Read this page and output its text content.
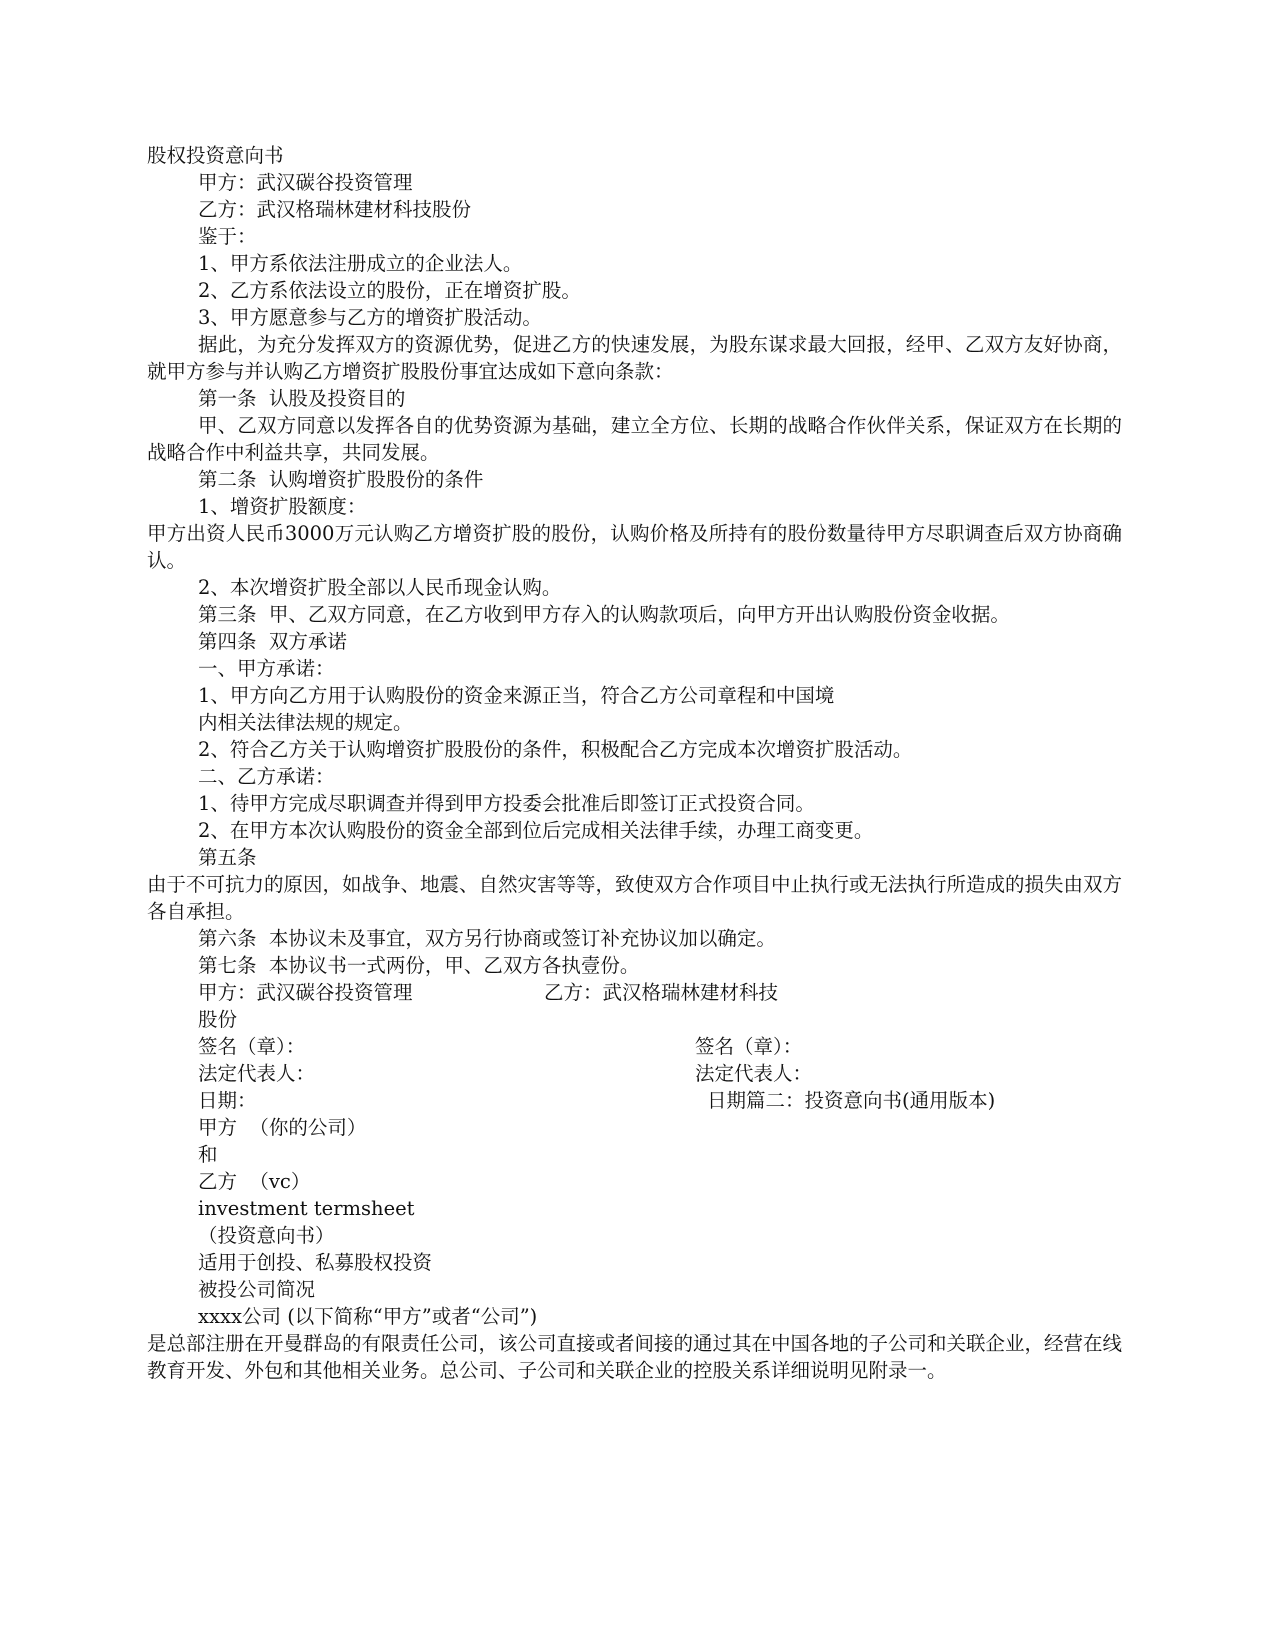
股权投资意向书

甲方：武汉碳谷投资管理

乙方：武汉格瑞林建材科技股份

鉴于：

1、甲方系依法注册成立的企业法人。

2、乙方系依法设立的股份，正在增资扩股。

3、甲方愿意参与乙方的增资扩股活动。

据此，为充分发挥双方的资源优势，促进乙方的快速发展，为股东谋求最大回报，经甲、乙双方友好协商，就甲方参与并认购乙方增资扩股股份事宜达成如下意向条款：

第一条  认股及投资目的

甲、乙双方同意以发挥各自的优势资源为基础，建立全方位、长期的战略合作伙伴关系，保证双方在长期的战略合作中利益共享，共同发展。

第二条  认购增资扩股股份的条件

1、增资扩股额度：

甲方出资人民币3000万元认购乙方增资扩股的股份，认购价格及所持有的股份数量待甲方尽职调查后双方协商确认。

2、本次增资扩股全部以人民币现金认购。

第三条  甲、乙双方同意，在乙方收到甲方存入的认购款项后，向甲方开出认购股份资金收据。

第四条  双方承诺

一、甲方承诺：

1、甲方向乙方用于认购股份的资金来源正当，符合乙方公司章程和中国境

内相关法律法规的规定。

2、符合乙方关于认购增资扩股股份的条件，积极配合乙方完成本次增资扩股活动。

二、乙方承诺：

1、待甲方完成尽职调查并得到甲方投委会批准后即签订正式投资合同。

2、在甲方本次认购股份的资金全部到位后完成相关法律手续，办理工商变更。

第五条

由于不可抗力的原因，如战争、地震、自然灾害等等，致使双方合作项目中止执行或无法执行所造成的损失由双方各自承担。

第六条  本协议未及事宜，双方另行协商或签订补充协议加以确定。

第七条  本协议书一式两份，甲、乙双方各执壹份。

甲方：武汉碳谷投资管理	乙方：武汉格瑞林建材科技

股份

签名（章）：	签名（章）：
法定代表人：	法定代表人：
日期：	日期篇二：投资意向书(通用版本)

甲方  （你的公司）

和

乙方  （vc）

investment termsheet

（投资意向书）

适用于创投、私募股权投资

被投公司简况

xxxx公司 (以下简称“甲方”或者“公司”)

是总部注册在开曼群岛的有限责任公司，该公司直接或者间接的通过其在中国各地的子公司和关联企业，经营在线教育开发、外包和其他相关业务。总公司、子公司和关联企业的控股关系详细说明见附录一。
